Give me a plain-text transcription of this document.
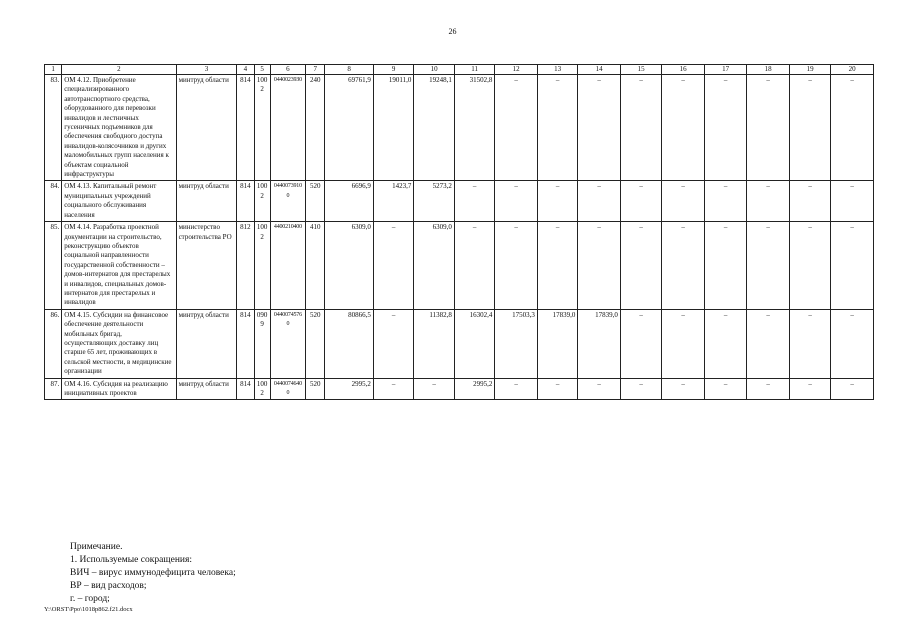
26
1	2	3	4	5	6	7	8	9	10	11	12	13	14	15	16	17	18	19	20
83.	ОМ 4.12. Приобретение специализированного автотранспортного средства, оборудованного для перевозки инвалидов и лестничных гусеничных подъемников для обеспечения свободного доступа инвалидов-колясочников и других маломобильных групп населения к объектам социальной инфраструктуры	минтруд области	814	1002	04400239З0	240	69761,9	19011,0	19248,1	31502,8	–	–	–	–	–	–	–	–	–
84.	ОМ 4.13. Капитальный ремонт муниципальных учреждений социального обслуживания населения	минтруд области	814	1002	04400739100	520	6696,9	1423,7	5273,2	–	–	–	–	–	–	–	–	–	–
85.	ОМ 4.14. Разработка проектной документации на строительство, реконструкцию объектов социальной направленности государственной собственности – домов-интернатов для престарелых и инвалидов, специальных домов-интернатов для престарелых и инвалидов	министерство строительства РО	812	1002	4400210400	410	6309,0	–	6309,0	–	–	–	–	–	–	–	–	–	–
86.	ОМ 4.15. Субсидии на финансовое обеспечение деятельности мобильных бригад, осуществляющих доставку лиц старше 65 лет, проживающих в сельской местности, в медицинские организации	минтруд области	814	0909	04400745760	520	80866,5	–	11382,8	16302,4	17503,3	17839,0	17839,0	–	–	–	–	–	–
87.	ОМ 4.16. Субсидия на реализацию инициативных проектов	минтруд области	814	1002	04400746400	520	2995,2	–	–	2995,2	–	–	–	–	–	–	–	–	–
Примечание.
1. Используемые сокращения:
ВИЧ – вирус иммунодефицита человека;
ВР – вид расходов;
г. – город;
Y:\ORST\Ppo\1018p862.f21.docx
